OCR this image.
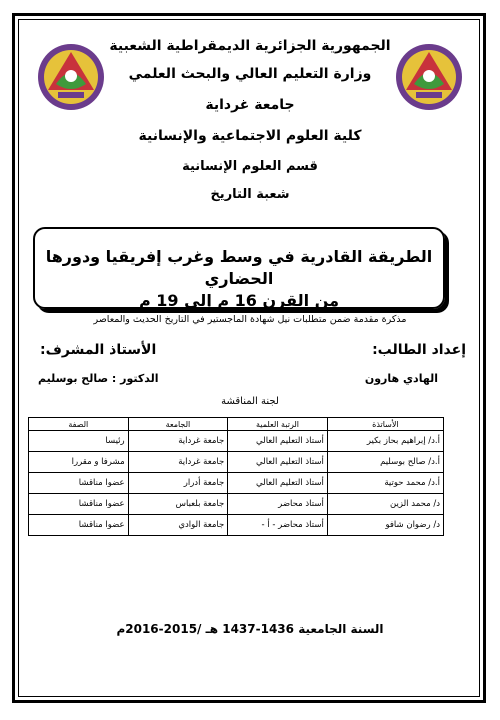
الجمهورية الجزائرية الديمقراطية الشعبية
وزارة التعليم العالي والبحث العلمي
جامعة غرداية
كلية العلوم الاجتماعية والإنسانية
قسم العلوم الإنسانية
شعبة التاريخ
الطريقة القادرية في وسط وغرب إفريقيا ودورها الحضاري
من القرن 16 م إلى 19 م
مذكرة مقدمة ضمن متطلبات نيل شهادة الماجستير في التاريخ الحديث والمعاصر
إعداد الطالب:
الأستاذ المشرف:
الهادي هارون
الدكتور : صالح بوسليم
لجنة المناقشة
الأساتذة	الرتبة العلمية	الجامعة	الصفة
أ.د/ إبراهيم بحاز بكير	أستاذ التعليم العالي	جامعة غرداية	رئيسا
أ.د/ صالح بوسليم	أستاذ التعليم العالي	جامعة غرداية	مشرفا و مقررا
أ.د/ محمد حوتية	أستاذ التعليم العالي	جامعة أدرار	عضوا مناقشا
د/ محمد الزين	أستاذ محاضر	جامعة بلعباس	عضوا مناقشا
د/ رضوان شافو	أستاذ محاضر - أ -	جامعة الوادي	عضوا مناقشا
السنة الجامعية 1436-1437 هـ /2015-2016م
